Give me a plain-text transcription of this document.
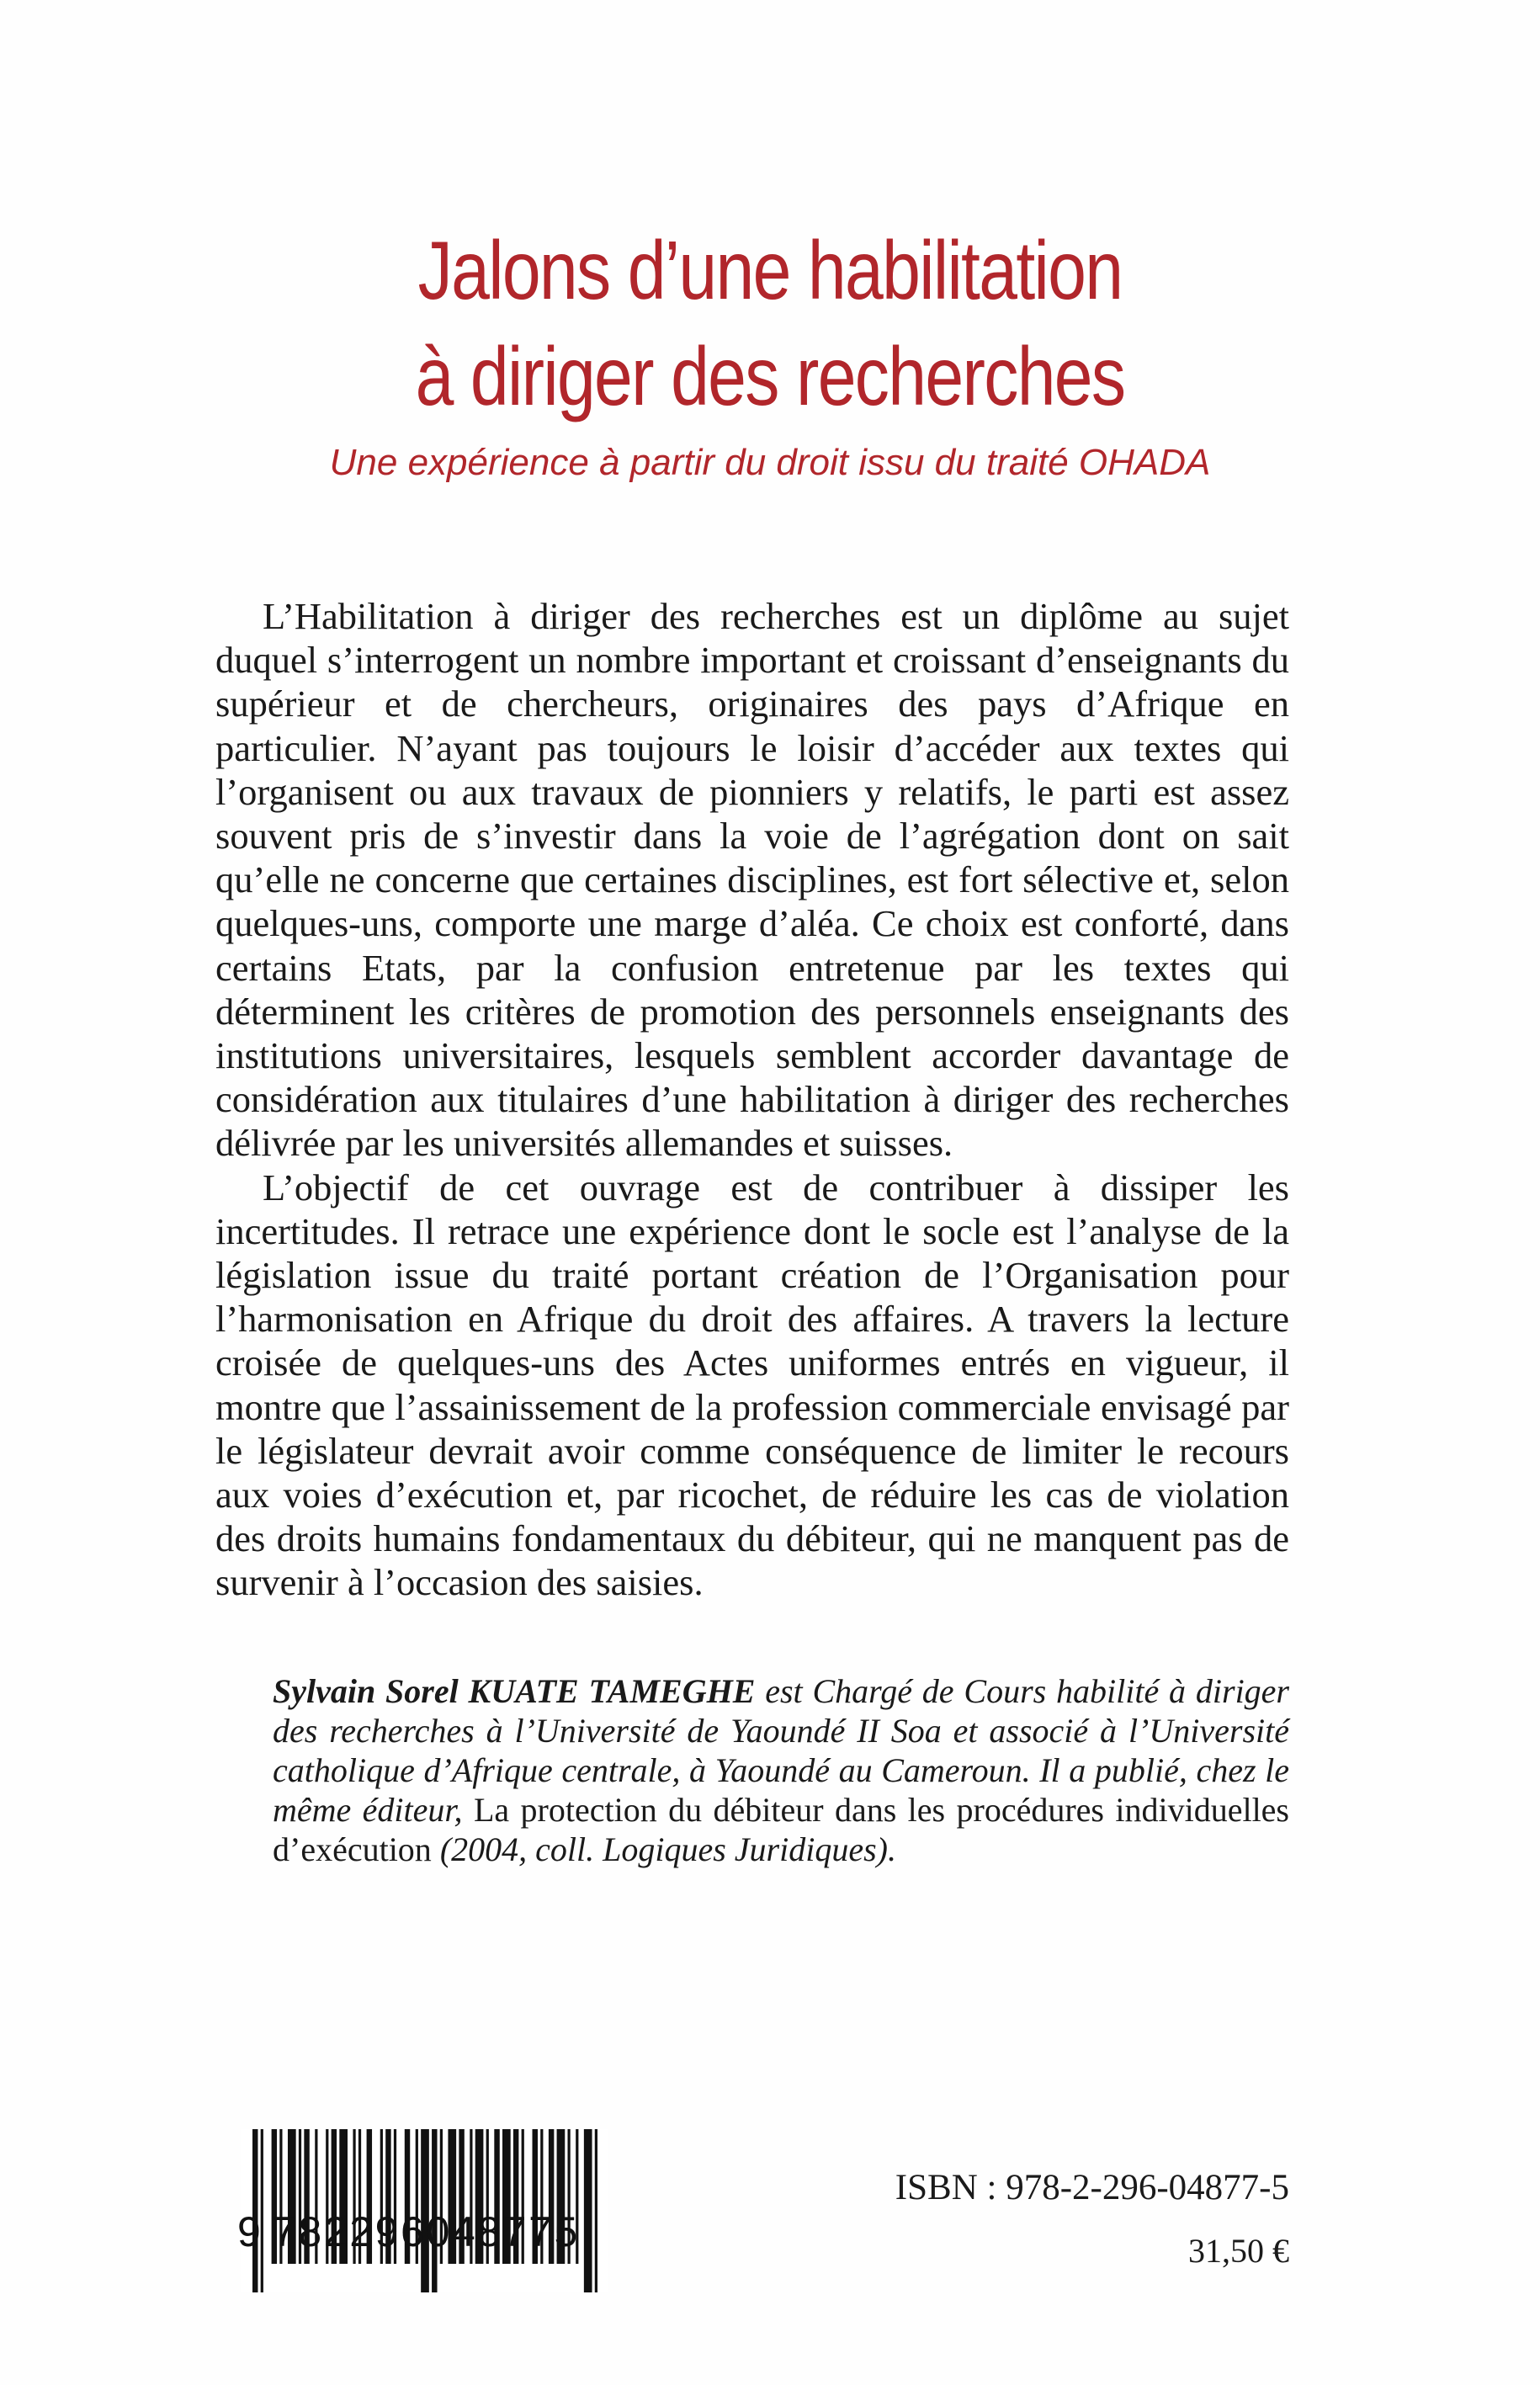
Jalons d’une habilitation
à diriger des recherches
Une expérience à partir du droit issu du traité OHADA

L’Habilitation à diriger des recherches est un diplôme au sujet duquel s’interrogent un nombre important et croissant d’enseignants du supérieur et de chercheurs, originaires des pays d’Afrique en particulier. N’ayant pas toujours le loisir d’accéder aux textes qui l’organisent ou aux travaux de pionniers y relatifs, le parti est assez souvent pris de s’investir dans la voie de l’agrégation dont on sait qu’elle ne concerne que certaines disciplines, est fort sélective et, selon quelques-uns, comporte une marge d’aléa. Ce choix est conforté, dans certains Etats, par la confusion entretenue par les textes qui déterminent les critères de promotion des personnels enseignants des institutions universitaires, lesquels semblent accorder davantage de considération aux titulaires d’une habilitation à diriger des recherches délivrée par les universités allemandes et suisses.

L’objectif de cet ouvrage est de contribuer à dissiper les incertitudes. Il retrace une expérience dont le socle est l’analyse de la législation issue du traité portant création de l’Organisation pour l’harmonisation en Afrique du droit des affaires. A travers la lecture croisée de quelques-uns des Actes uniformes entrés en vigueur, il montre que l’assainissement de la profession commerciale envisagé par le législateur devrait avoir comme conséquence de limiter le recours aux voies d’exécution et, par ricochet, de réduire les cas de violation des droits humains fondamentaux du débiteur, qui ne manquent pas de survenir à l’occasion des saisies.

Sylvain Sorel KUATE TAMEGHE est Chargé de Cours habilité à diriger des recherches à l’Université de Yaoundé II Soa et associé à l’Université catholique d’Afrique centrale, à Yaoundé au Cameroun. Il a publié, chez le même éditeur, La protection du débiteur dans les procédures individuelles d’exécution (2004, coll. Logiques Juridiques).
9 782296048775
ISBN : 978-2-296-04877-5
31,50 €
